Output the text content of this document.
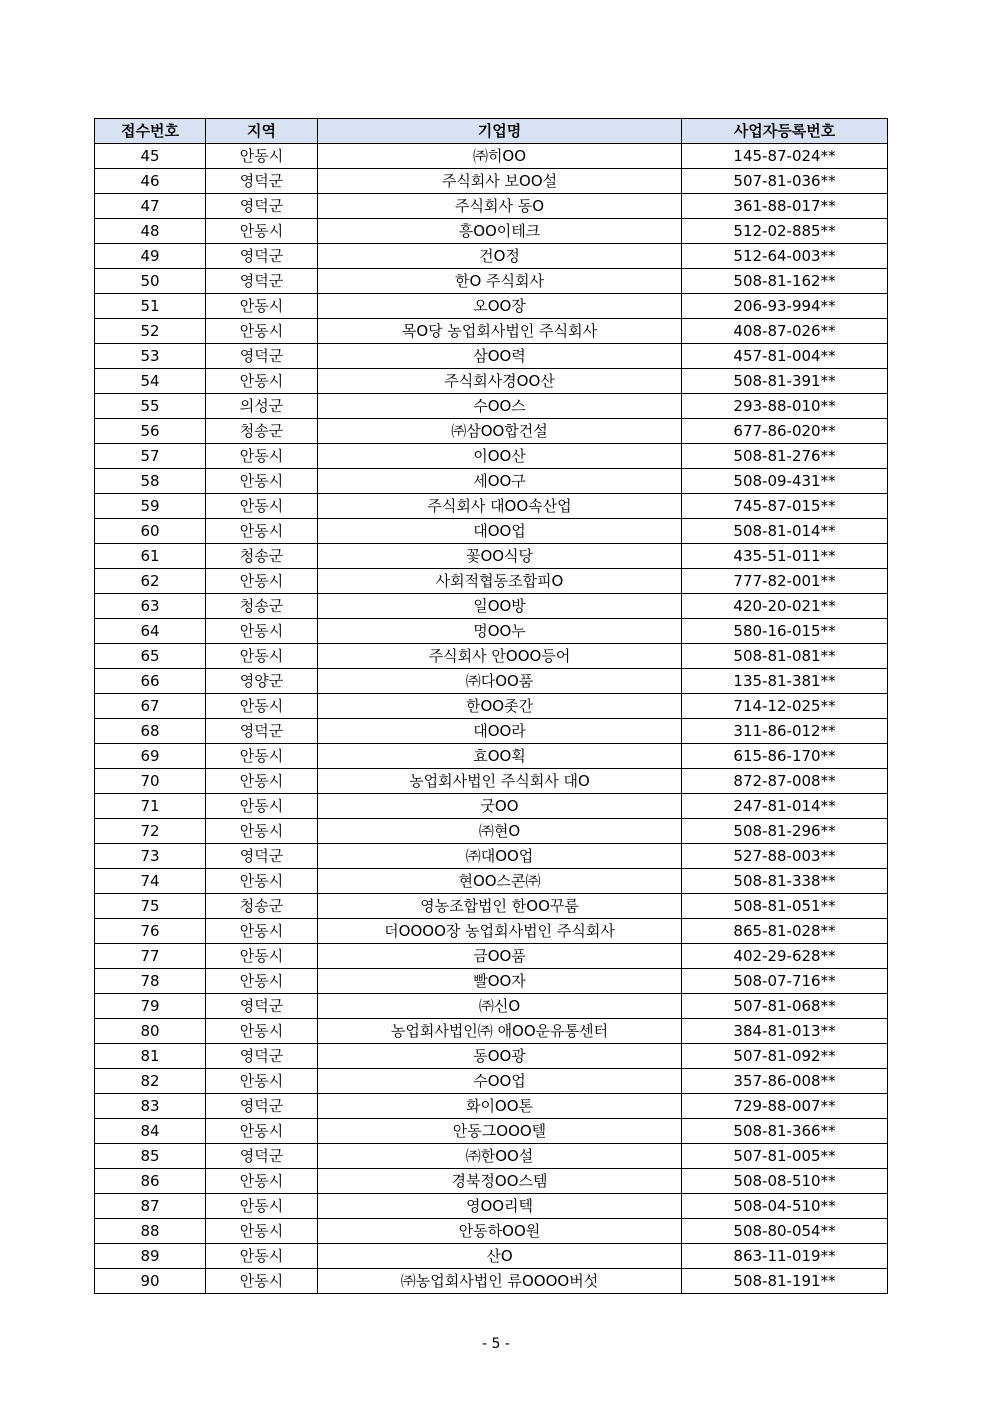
접수번호	지역	기업명	사업자등록번호
45	안동시	㈜히OO	145-87-024**
46	영덕군	주식회사 보OO설	507-81-036**
47	영덕군	주식회사 동O	361-88-017**
48	안동시	흥OO이테크	512-02-885**
49	영덕군	건O정	512-64-003**
50	영덕군	한O 주식회사	508-81-162**
51	안동시	오OO장	206-93-994**
52	안동시	목O당 농업회사법인 주식회사	408-87-026**
53	영덕군	삼OO력	457-81-004**
54	안동시	주식회사경OO산	508-81-391**
55	의성군	수OO스	293-88-010**
56	청송군	㈜삼OO합건설	677-86-020**
57	안동시	이OO산	508-81-276**
58	안동시	세OO구	508-09-431**
59	안동시	주식회사 대OO속산업	745-87-015**
60	안동시	대OO업	508-81-014**
61	청송군	꽃OO식당	435-51-011**
62	안동시	사회적협동조합피O	777-82-001**
63	청송군	일OO방	420-20-021**
64	안동시	멍OO누	580-16-015**
65	안동시	주식회사 안OOO등어	508-81-081**
66	영양군	㈜다OO품	135-81-381**
67	안동시	한OO좃간	714-12-025**
68	영덕군	대OO라	311-86-012**
69	안동시	효OO획	615-86-170**
70	안동시	농업회사법인 주식회사 대O	872-87-008**
71	안동시	굿OO	247-81-014**
72	안동시	㈜현O	508-81-296**
73	영덕군	㈜대OO업	527-88-003**
74	안동시	현OO스콘㈜	508-81-338**
75	청송군	영농조합법인 한OO꾸룸	508-81-051**
76	안동시	더OOOO장 농업회사법인 주식회사	865-81-028**
77	안동시	금OO품	402-29-628**
78	안동시	빨OO자	508-07-716**
79	영덕군	㈜신O	507-81-068**
80	안동시	농업회사법인㈜ 애OO운유통센터	384-81-013**
81	영덕군	동OO광	507-81-092**
82	안동시	수OO업	357-86-008**
83	영덕군	화이OO톤	729-88-007**
84	안동시	안동그OOO텔	508-81-366**
85	영덕군	㈜한OO설	507-81-005**
86	안동시	경북정OO스템	508-08-510**
87	안동시	영OO리텍	508-04-510**
88	안동시	안동하OO원	508-80-054**
89	안동시	산O	863-11-019**
90	안동시	㈜농업회사법인 류OOOO버섯	508-81-191**
- 5 -
